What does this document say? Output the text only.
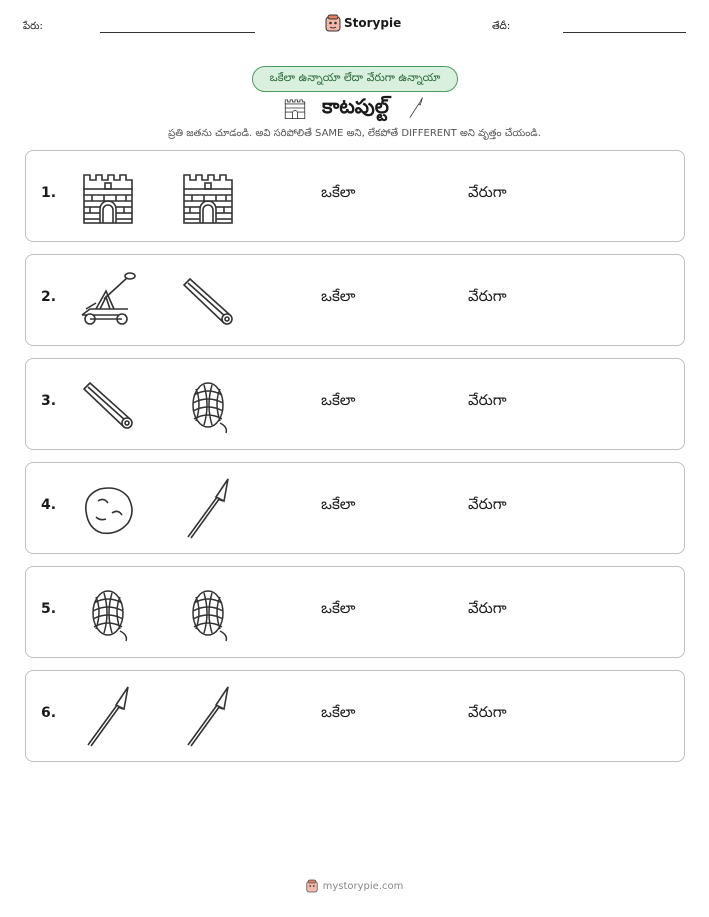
పేరు:	Storypie	తేదీ:
ఒకేలా ఉన్నాయా లేదా వేరుగా ఉన్నాయా
కాటపుల్ట్
ప్రతి జతను చూడండి. అవి సరిపోలితే SAME అని, లేకపోతే DIFFERENT అని వృత్తం చేయండి.
1.	ఒకేలా	వేరుగా
2.	ఒకేలా	వేరుగా
3.	ఒకేలా	వేరుగా
4.	ఒకేలా	వేరుగా
5.	ఒకేలా	వేరుగా
6.	ఒకేలా	వేరుగా
mystorypie.com
